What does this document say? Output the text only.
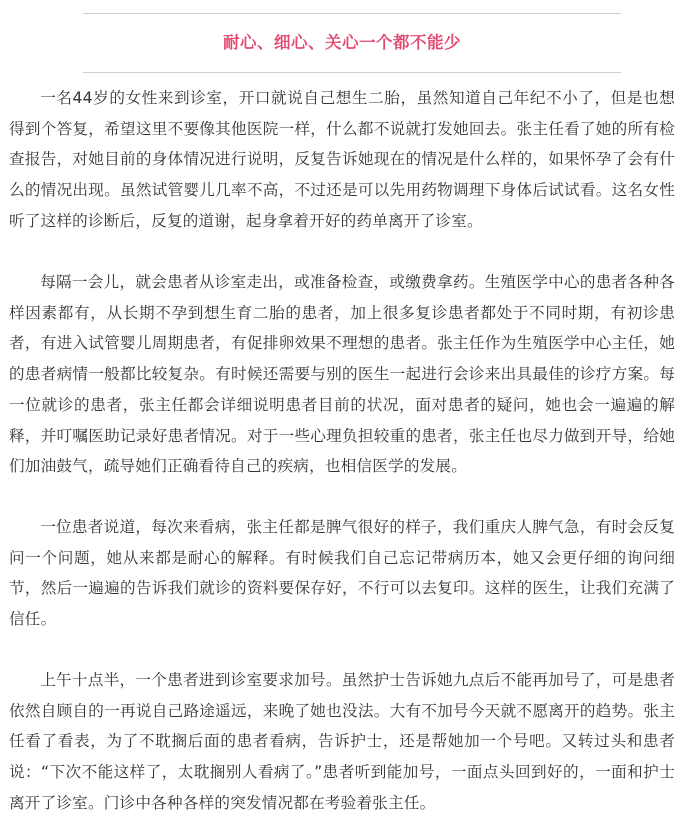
耐心、细心、关心一个都不能少

一名44岁的女性来到诊室，开口就说自己想生二胎，虽然知道自己年纪不小了，但是也想得到个答复，希望这里不要像其他医院一样，什么都不说就打发她回去。张主任看了她的所有检查报告，对她目前的身体情况进行说明，反复告诉她现在的情况是什么样的，如果怀孕了会有什么的情况出现。虽然试管婴儿几率不高，不过还是可以先用药物调理下身体后试试看。这名女性听了这样的诊断后，反复的道谢，起身拿着开好的药单离开了诊室。

每隔一会儿，就会患者从诊室走出，或准备检查，或缴费拿药。生殖医学中心的患者各种各样因素都有，从长期不孕到想生育二胎的患者，加上很多复诊患者都处于不同时期，有初诊患者，有进入试管婴儿周期患者，有促排卵效果不理想的患者。张主任作为生殖医学中心主任，她的患者病情一般都比较复杂。有时候还需要与别的医生一起进行会诊来出具最佳的诊疗方案。每一位就诊的患者，张主任都会详细说明患者目前的状况，面对患者的疑问，她也会一遍遍的解释，并叮嘱医助记录好患者情况。对于一些心理负担较重的患者，张主任也尽力做到开导，给她们加油鼓气，疏导她们正确看待自己的疾病，也相信医学的发展。

一位患者说道，每次来看病，张主任都是脾气很好的样子，我们重庆人脾气急，有时会反复问一个问题，她从来都是耐心的解释。有时候我们自己忘记带病历本，她又会更仔细的询问细节，然后一遍遍的告诉我们就诊的资料要保存好，不行可以去复印。这样的医生，让我们充满了信任。

上午十点半，一个患者进到诊室要求加号。虽然护士告诉她九点后不能再加号了，可是患者依然自顾自的一再说自己路途遥远，来晚了她也没法。大有不加号今天就不愿离开的趋势。张主任看了看表，为了不耽搁后面的患者看病，告诉护士，还是帮她加一个号吧。又转过头和患者说：“下次不能这样了，太耽搁别人看病了。”患者听到能加号，一面点头回到好的，一面和护士离开了诊室。门诊中各种各样的突发情况都在考验着张主任。
